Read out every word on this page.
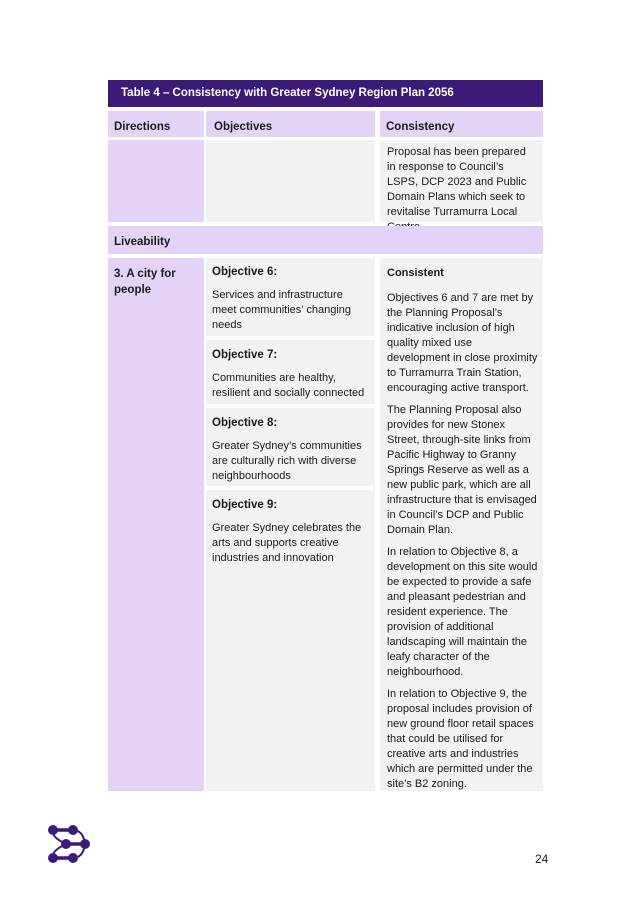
Table 4 – Consistency with Greater Sydney Region Plan 2056
Directions	Objectives	Consistency
Proposal has been prepared in response to Council’s LSPS, DCP 2023 and Public Domain Plans which seek to revitalise Turramurra Local
Liveability
3. A city for people
Objective 6:
Services and infrastructure meet communities’ changing needs
Objective 7:
Communities are healthy, resilient and socially connected
Objective 8:
Greater Sydney’s communities are culturally rich with diverse neighbourhoods
Objective 9:
Greater Sydney celebrates the arts and supports creative industries and innovation

Consistent

Objectives 6 and 7 are met by the Planning Proposal’s indicative inclusion of high quality mixed use development in close proximity to Turramurra Train Station, encouraging active transport.

The Planning Proposal also provides for new Stonex Street, through-site links from Pacific Highway to Granny Springs Reserve as well as a new public park, which are all infrastructure that is envisaged in Council’s DCP and Public Domain Plan.

In relation to Objective 8, a development on this site would be expected to provide a safe and pleasant pedestrian and resident experience. The provision of additional landscaping will maintain the leafy character of the neighbourhood.

In relation to Objective 9, the proposal includes provision of new ground floor retail spaces that could be utilised for creative arts and industries which are permitted under the site’s B2 zoning.

24
